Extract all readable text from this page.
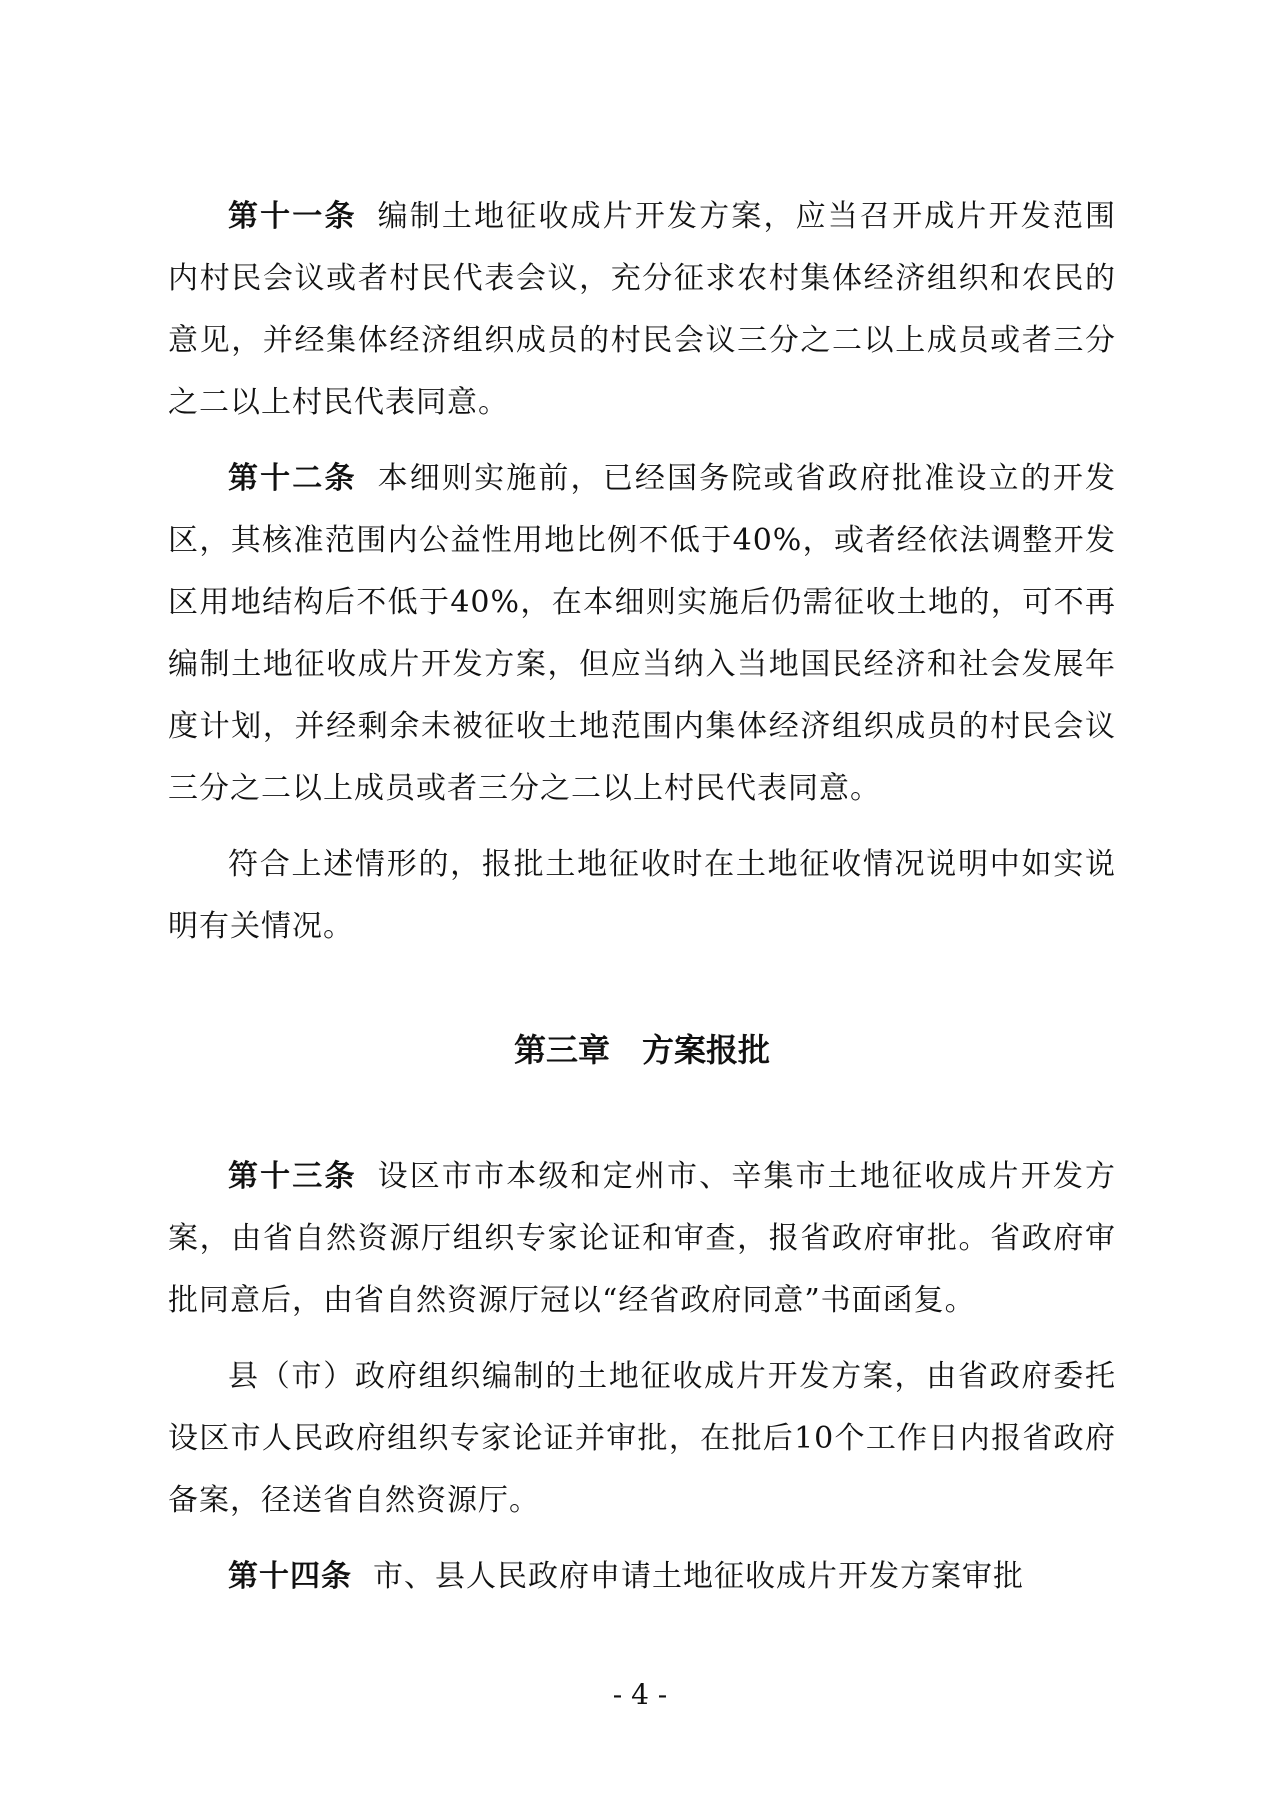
第十一条 编制土地征收成片开发方案，应当召开成片开发范围内村民会议或者村民代表会议，充分征求农村集体经济组织和农民的意见，并经集体经济组织成员的村民会议三分之二以上成员或者三分之二以上村民代表同意。

第十二条 本细则实施前，已经国务院或省政府批准设立的开发区，其核准范围内公益性用地比例不低于40%，或者经依法调整开发区用地结构后不低于40%，在本细则实施后仍需征收土地的，可不再编制土地征收成片开发方案，但应当纳入当地国民经济和社会发展年度计划，并经剩余未被征收土地范围内集体经济组织成员的村民会议三分之二以上成员或者三分之二以上村民代表同意。

符合上述情形的，报批土地征收时在土地征收情况说明中如实说明有关情况。

第三章 方案报批

第十三条 设区市市本级和定州市、辛集市土地征收成片开发方案，由省自然资源厅组织专家论证和审查，报省政府审批。省政府审批同意后，由省自然资源厅冠以“经省政府同意”书面函复。

县（市）政府组织编制的土地征收成片开发方案，由省政府委托设区市人民政府组织专家论证并审批，在批后10个工作日内报省政府备案，径送省自然资源厅。

第十四条 市、县人民政府申请土地征收成片开发方案审批

- 4 -
